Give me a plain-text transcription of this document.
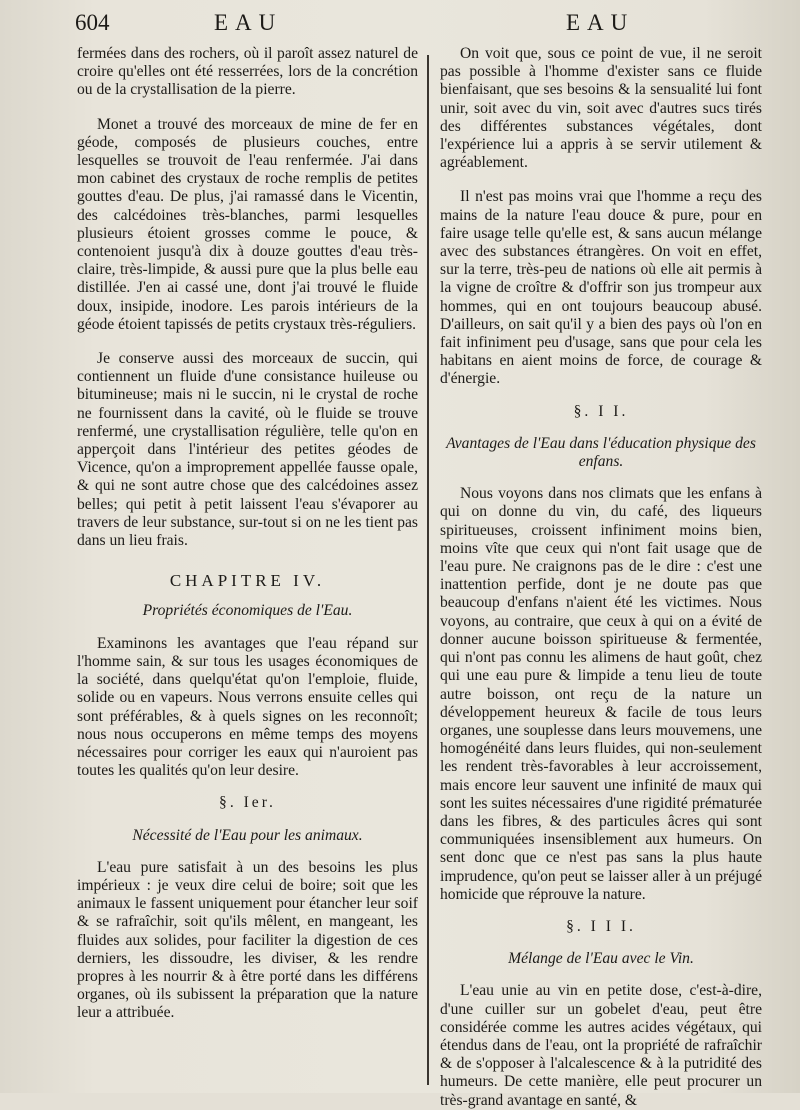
604	EAU	EAU

fermées dans des rochers, où il paroît assez naturel de croire qu'elles ont été resserrées, lors de la concrétion ou de la crystallisation de la pierre.

Monet a trouvé des morceaux de mine de fer en géode, composés de plusieurs couches, entre lesquelles se trouvoit de l'eau renfermée. J'ai dans mon cabinet des crystaux de roche remplis de petites gouttes d'eau. De plus, j'ai ramassé dans le Vicentin, des calcédoines très-blanches, parmi lesquelles plusieurs étoient grosses comme le pouce, & contenoient jusqu'à dix à douze gouttes d'eau très-claire, très-limpide, & aussi pure que la plus belle eau distillée. J'en ai cassé une, dont j'ai trouvé le fluide doux, insipide, inodore. Les parois intérieurs de la géode étoient tapissés de petits crystaux très-réguliers.

Je conserve aussi des morceaux de succin, qui contiennent un fluide d'une consistance huileuse ou bitumineuse; mais ni le succin, ni le crystal de roche ne fournissent dans la cavité, où le fluide se trouve renfermé, une crystallisation régulière, telle qu'on en apperçoit dans l'intérieur des petites géodes de Vicence, qu'on a improprement appellée fausse opale, & qui ne sont autre chose que des calcédoines assez belles; qui petit à petit laissent l'eau s'évaporer au travers de leur substance, sur-tout si on ne les tient pas dans un lieu frais.

CHAPITRE IV.
Propriétés économiques de l'Eau.

Examinons les avantages que l'eau répand sur l'homme sain, & sur tous les usages économiques de la société, dans quelqu'état qu'on l'emploie, fluide, solide ou en vapeurs. Nous verrons ensuite celles qui sont préférables, & à quels signes on les reconnoît; nous nous occuperons en même temps des moyens nécessaires pour corriger les eaux qui n'auroient pas toutes les qualités qu'on leur desire.

§. Ier.
Nécessité de l'Eau pour les animaux.

L'eau pure satisfait à un des besoins les plus impérieux : je veux dire celui de boire; soit que les animaux le fassent uniquement pour étancher leur soif & se rafraîchir, soit qu'ils mêlent, en mangeant, les fluides aux solides, pour faciliter la digestion de ces derniers, les dissoudre, les diviser, & les rendre propres à les nourrir & à être porté dans les différens organes, où ils subissent la préparation que la nature leur a attribuée.

On voit que, sous ce point de vue, il ne seroit pas possible à l'homme d'exister sans ce fluide bienfaisant, que ses besoins & la sensualité lui font unir, soit avec du vin, soit avec d'autres sucs tirés des différentes substances végétales, dont l'expérience lui a appris à se servir utilement & agréablement.

Il n'est pas moins vrai que l'homme a reçu des mains de la nature l'eau douce & pure, pour en faire usage telle qu'elle est, & sans aucun mélange avec des substances étrangères. On voit en effet, sur la terre, très-peu de nations où elle ait permis à la vigne de croître & d'offrir son jus trompeur aux hommes, qui en ont toujours beaucoup abusé. D'ailleurs, on sait qu'il y a bien des pays où l'on en fait infiniment peu d'usage, sans que pour cela les habitans en aient moins de force, de courage & d'énergie.

§. I I.
Avantages de l'Eau dans l'éducation physique des enfans.

Nous voyons dans nos climats que les enfans à qui on donne du vin, du café, des liqueurs spiritueuses, croissent infiniment moins bien, moins vîte que ceux qui n'ont fait usage que de l'eau pure. Ne craignons pas de le dire : c'est une inattention perfide, dont je ne doute pas que beaucoup d'enfans n'aient été les victimes. Nous voyons, au contraire, que ceux à qui on a évité de donner aucune boisson spiritueuse & fermentée, qui n'ont pas connu les alimens de haut goût, chez qui une eau pure & limpide a tenu lieu de toute autre boisson, ont reçu de la nature un développement heureux & facile de tous leurs organes, une souplesse dans leurs mouvemens, une homogénéité dans leurs fluides, qui non-seulement les rendent très-favorables à leur accroissement, mais encore leur sauvent une infinité de maux qui sont les suites nécessaires d'une rigidité prématurée dans les fibres, & des particules âcres qui sont communiquées insensiblement aux humeurs. On sent donc que ce n'est pas sans la plus haute imprudence, qu'on peut se laisser aller à un préjugé homicide que réprouve la nature.

§. I I I.
Mélange de l'Eau avec le Vin.

L'eau unie au vin en petite dose, c'est-à-dire, d'une cuiller sur un gobelet d'eau, peut être considérée comme les autres acides végétaux, qui étendus dans de l'eau, ont la propriété de rafraîchir & de s'opposer à l'alcalescence & à la putridité des humeurs. De cette manière, elle peut procurer un très-grand avantage en santé, &
